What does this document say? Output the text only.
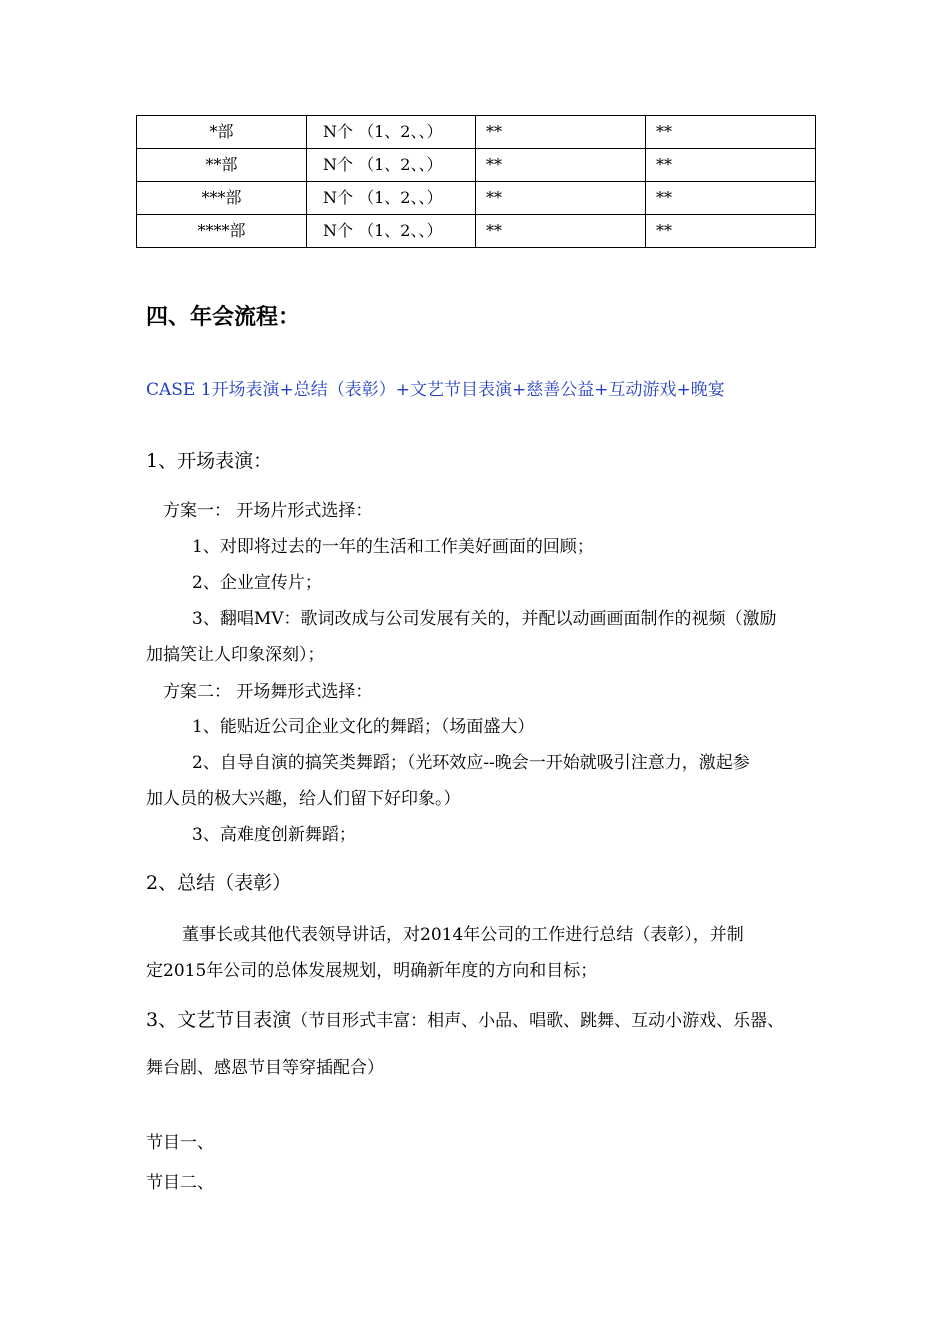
*部	N个 （1、2、、）	**	**
**部	N个 （1、2、、）	**	**
***部	N个 （1、2、、）	**	**
****部	N个 （1、2、、）	**	**
四、年会流程：
CASE 1开场表演+总结（表彰）+文艺节目表演+慈善公益+互动游戏+晚宴
1、开场表演：
方案一： 开场片形式选择：
1、对即将过去的一年的生活和工作美好画面的回顾；
2、企业宣传片；
3、翻唱MV：歌词改成与公司发展有关的，并配以动画画面制作的视频（激励
加搞笑让人印象深刻）；
方案二： 开场舞形式选择：
1、能贴近公司企业文化的舞蹈；（场面盛大）
2、自导自演的搞笑类舞蹈；（光环效应--晚会一开始就吸引注意力，激起参
加人员的极大兴趣，给人们留下好印象。）
3、高难度创新舞蹈；
2、总结（表彰）
董事长或其他代表领导讲话，对2014年公司的工作进行总结（表彰），并制
定2015年公司的总体发展规划，明确新年度的方向和目标；
3、文艺节目表演（节目形式丰富：相声、小品、唱歌、跳舞、互动小游戏、乐器、
舞台剧、感恩节目等穿插配合）
节目一、
节目二、
